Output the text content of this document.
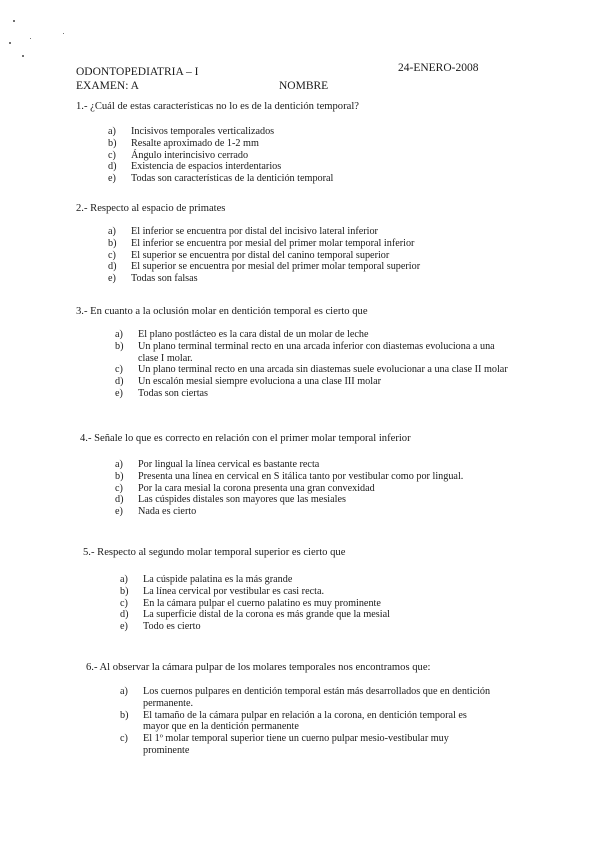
ODONTOPEDIATRIA – I
EXAMEN: A	NOMBRE
24-ENERO-2008
1.- ¿Cuál de estas características no lo es de la dentición temporal?
a) Incisivos temporales verticalizados
b) Resalte aproximado de 1-2 mm
c) Ángulo interincisivo cerrado
d) Existencia de espacios interdentarios
e) Todas son características de la dentición temporal
2.- Respecto al espacio de primates
a) El inferior se encuentra por distal del incisivo lateral inferior
b) El inferior se encuentra por mesial del primer molar temporal inferior
c) El superior se encuentra por distal del canino temporal superior
d) El superior se encuentra por mesial del primer molar temporal superior
e) Todas son falsas
3.- En cuanto a la oclusión molar en dentición temporal es cierto que
a) El plano postlácteo es la cara distal de un molar de leche
b) Un plano terminal terminal recto en una arcada inferior con diastemas evoluciona a una clase I molar.
c) Un plano terminal recto en una arcada sin diastemas suele evolucionar a una clase II molar
d) Un escalón mesial siempre evoluciona a una clase III molar
e) Todas son ciertas
4.- Señale lo que es correcto en relación con el primer molar temporal inferior
a) Por lingual la línea cervical es bastante recta
b) Presenta una línea en cervical en S itálica tanto por vestibular como por lingual.
c) Por la cara mesial la corona presenta una gran convexidad
d) Las cúspides distales son mayores que las mesiales
e) Nada es cierto
5.- Respecto al segundo molar temporal superior es cierto que
a) La cúspide palatina es la más grande
b) La línea cervical por vestibular es casi recta.
c) En la cámara pulpar el cuerno palatino es muy prominente
d) La superficie distal de la corona es más grande que la mesial
e) Todo es cierto
6.- Al observar la cámara pulpar de los molares temporales nos encontramos que:
a) Los cuernos pulpares en dentición temporal están más desarrollados que en dentición permanente.
b) El tamaño de la cámara pulpar en relación a la corona, en dentición temporal es mayor que en la dentición permanente
c) El 1º molar temporal superior tiene un cuerno pulpar mesio-vestibular muy prominente
